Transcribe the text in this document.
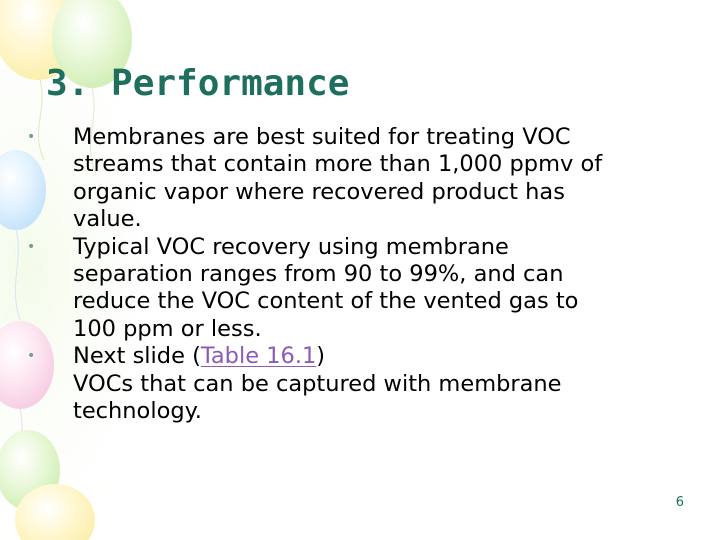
3. Performance
• Membranes are best suited for treating VOC
streams that contain more than 1,000 ppmv of
organic vapor where recovered product has
value.
• Typical VOC recovery using membrane
separation ranges from 90 to 99%, and can
reduce the VOC content of the vented gas to
100 ppm or less.
• Next slide (Table 16.1)
VOCs that can be captured with membrane
technology.
6
